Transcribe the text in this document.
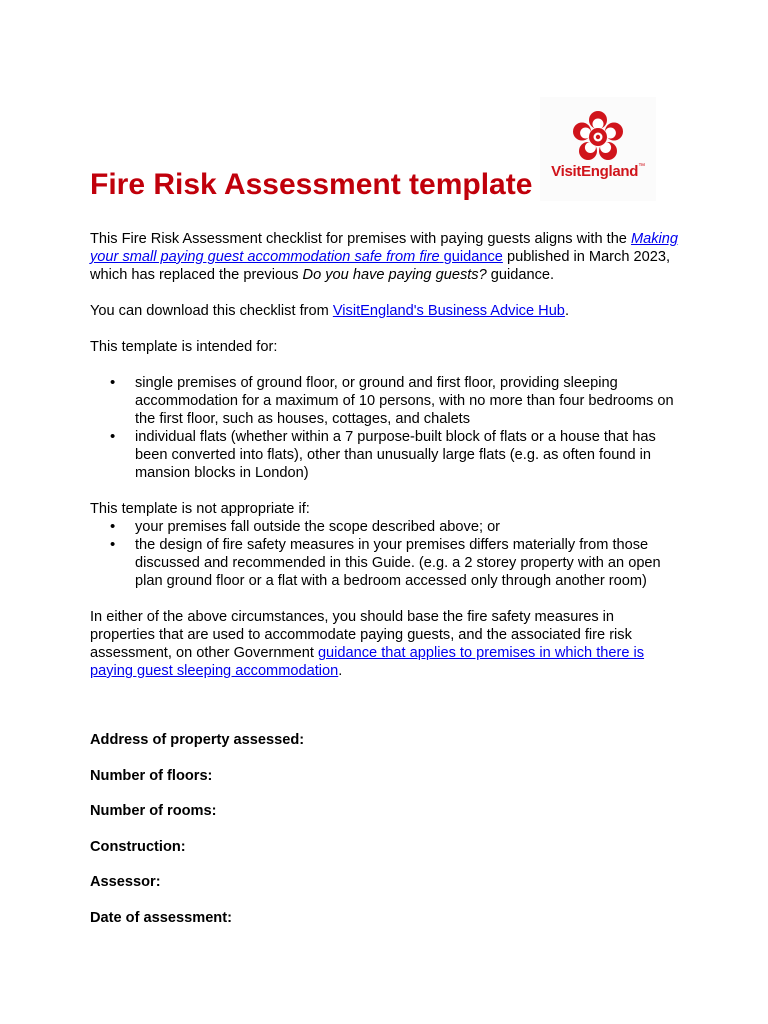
VisitEngland™
Fire Risk Assessment template

This Fire Risk Assessment checklist for premises with paying guests aligns with the Making your small paying guest accommodation safe from fire guidance published in March 2023, which has replaced the previous Do you have paying guests? guidance.

You can download this checklist from VisitEngland's Business Advice Hub.

This template is intended for:

• single premises of ground floor, or ground and first floor, providing sleeping accommodation for a maximum of 10 persons, with no more than four bedrooms on the first floor, such as houses, cottages, and chalets
• individual flats (whether within a 7 purpose-built block of flats or a house that has been converted into flats), other than unusually large flats (e.g. as often found in mansion blocks in London)

This template is not appropriate if:

• your premises fall outside the scope described above; or
• the design of fire safety measures in your premises differs materially from those discussed and recommended in this Guide. (e.g. a 2 storey property with an open plan ground floor or a flat with a bedroom accessed only through another room)

In either of the above circumstances, you should base the fire safety measures in properties that are used to accommodate paying guests, and the associated fire risk assessment, on other Government guidance that applies to premises in which there is paying guest sleeping accommodation.

Address of property assessed:
Number of floors:
Number of rooms:
Construction:
Assessor:
Date of assessment:
